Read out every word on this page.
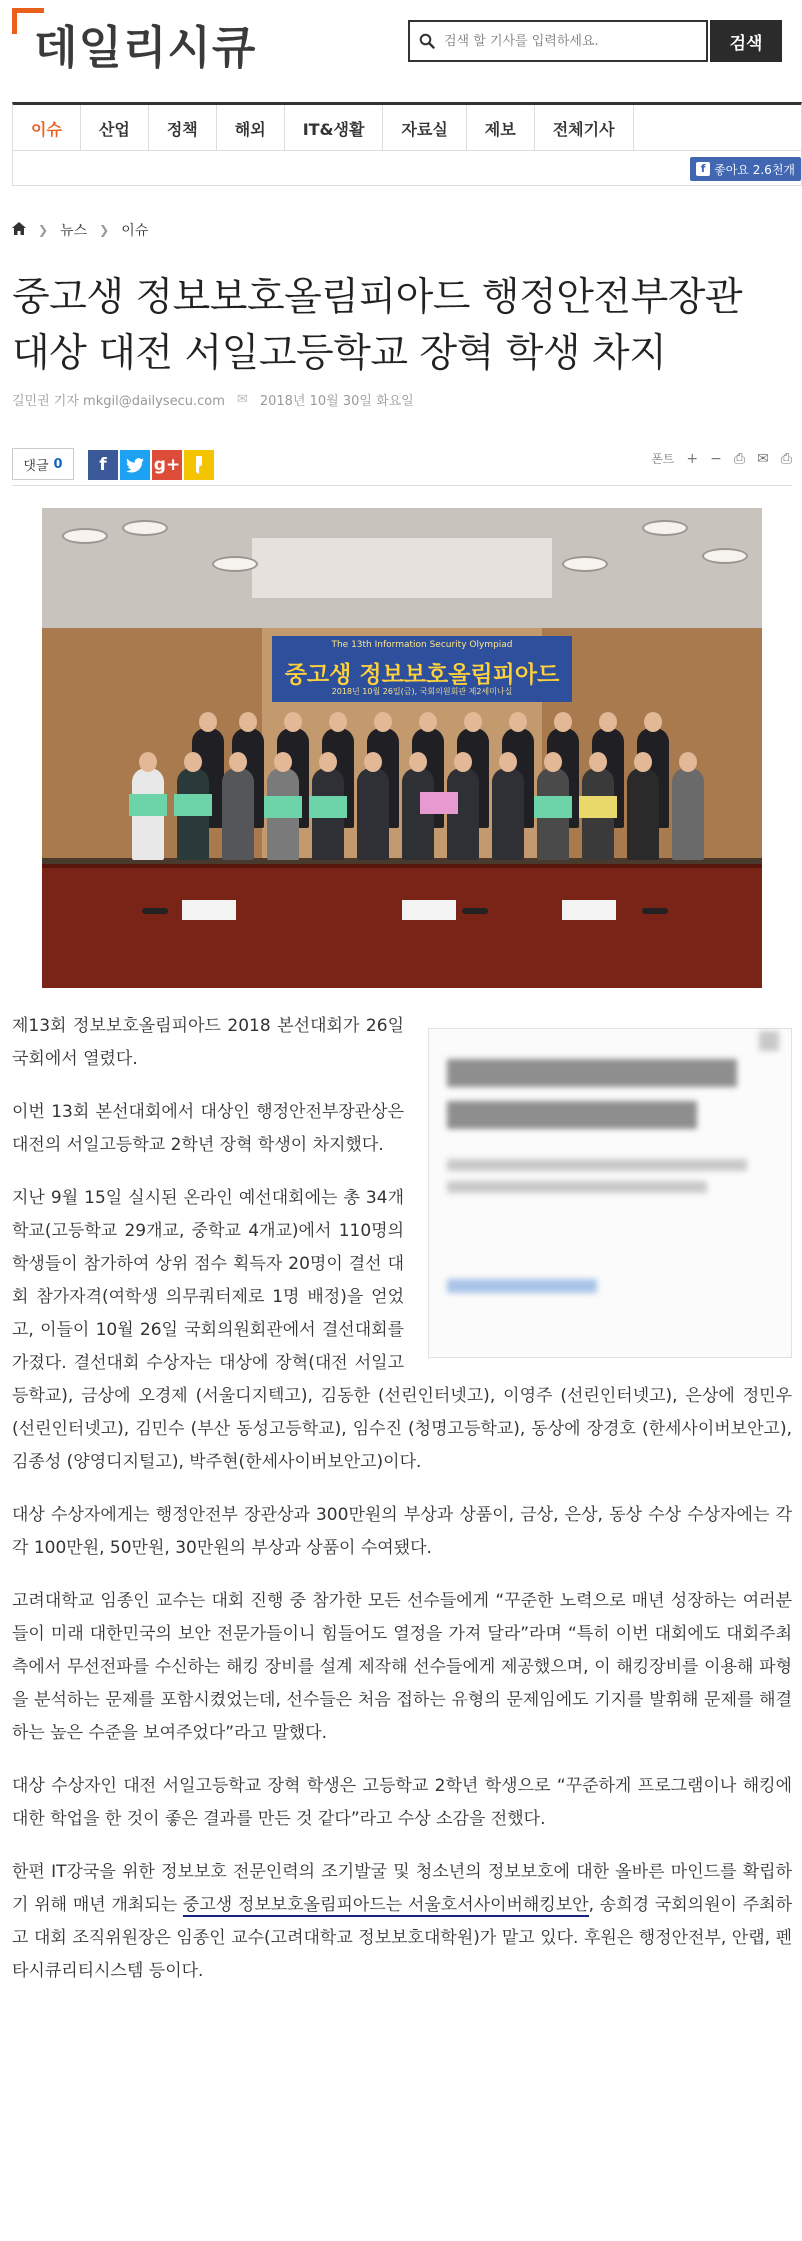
데일리시큐
검색 할 기사를 입력하세요.	검색
이슈	산업	정책	해외	IT&생활	자료실	제보	전체기사
f 좋아요 2.6천개
❯ 뉴스 ❯ 이슈
중고생 정보보호올림피아드 행정안전부장관
대상 대전 서일고등학교 장혁 학생 차지
길민권 기자 mkgil@dailysecu.com ✉ 2018년 10월 30일 화요일
댓글 0	f	g+	폰트 + − ⎙ ✉ ⎙
The 13th Information Security Olympiad
중고생 정보보호올림피아드
2018년 10월 26일(금), 국회의원회관 제2세미나실

제13회 정보보호올림피아드 2018 본선대회가 26일 국회에서 열렸다.

이번 13회 본선대회에서 대상인 행정안전부장관상은 대전의 서일고등학교 2학년 장혁 학생이 차지했다.

지난 9월 15일 실시된 온라인 예선대회에는 총 34개 학교(고등학교 29개교, 중학교 4개교)에서 110명의 학생들이 참가하여 상위 점수 획득자 20명이 결선 대회 참가자격(여학생 의무쿼터제로 1명 배정)을 얻었고, 이들이 10월 26일 국회의원회관에서 결선대회를 가졌다. 결선대회 수상자는 대상에 장혁(대전 서일고등학교), 금상에 오경제 (서울디지텍고), 김동한 (선린인터넷고), 이영주 (선린인터넷고), 은상에 정민우 (선린인터넷고), 김민수 (부산 동성고등학교), 임수진 (청명고등학교), 동상에 장경호 (한세사이버보안고), 김종성 (양영디지털고), 박주현(한세사이버보안고)이다.

대상 수상자에게는 행정안전부 장관상과 300만원의 부상과 상품이, 금상, 은상, 동상 수상 수상자에는 각각 100만원, 50만원, 30만원의 부상과 상품이 수여됐다.

고려대학교 임종인 교수는 대회 진행 중 참가한 모든 선수들에게 “꾸준한 노력으로 매년 성장하는 여러분들이 미래 대한민국의 보안 전문가들이니 힘들어도 열정을 가져 달라”라며 “특히 이번 대회에도 대회주최 측에서 무선전파를 수신하는 해킹 장비를 설계 제작해 선수들에게 제공했으며, 이 해킹장비를 이용해 파형을 분석하는 문제를 포함시켰었는데, 선수들은 처음 접하는 유형의 문제임에도 기지를 발휘해 문제를 해결하는 높은 수준을 보여주었다”라고 말했다.

대상 수상자인 대전 서일고등학교 장혁 학생은 고등학교 2학년 학생으로 “꾸준하게 프로그램이나 해킹에 대한 학업을 한 것이 좋은 결과를 만든 것 같다”라고 수상 소감을 전했다.

한편 IT강국을 위한 정보보호 전문인력의 조기발굴 및 청소년의 정보보호에 대한 올바른 마인드를 확립하기 위해 매년 개최되는 중고생 정보보호올림피아드는 서울호서사이버해킹보안, 송희경 국회의원이 주최하고 대회 조직위원장은 임종인 교수(고려대학교 정보보호대학원)가 맡고 있다. 후원은 행정안전부, 안랩, 펜타시큐리티시스템 등이다.
